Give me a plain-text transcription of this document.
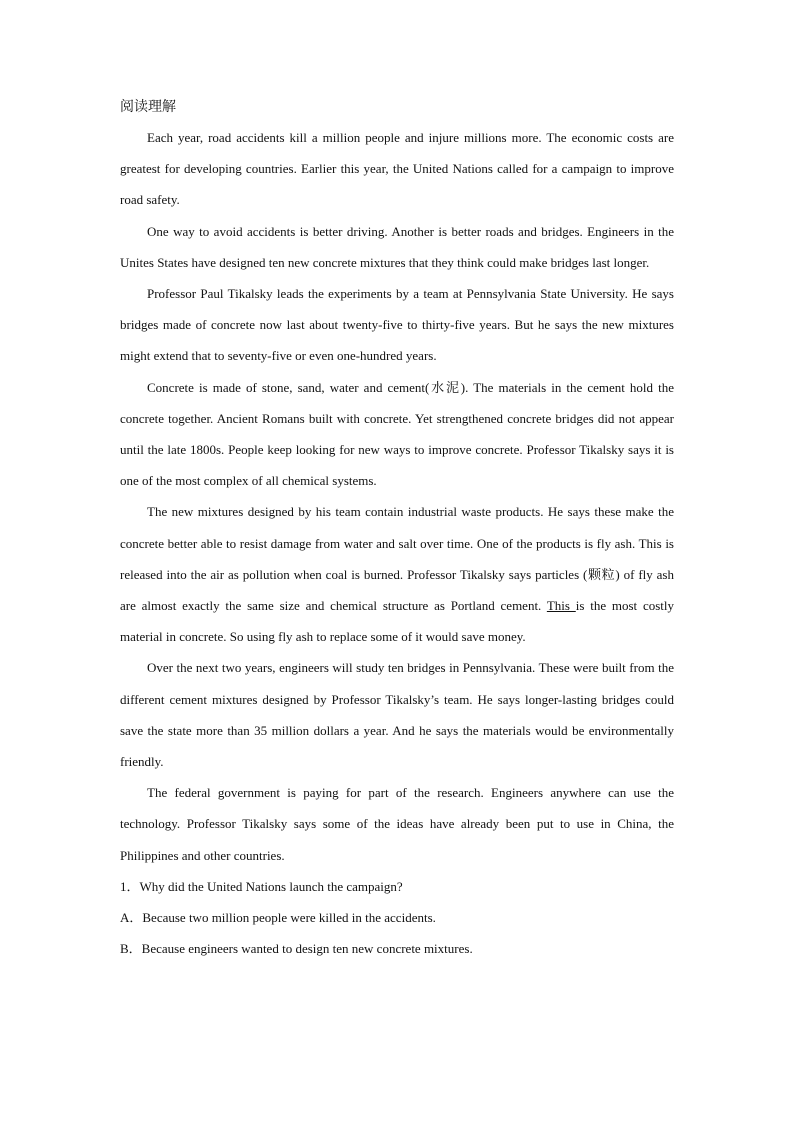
阅读理解

Each year, road accidents kill a million people and injure millions more. The economic costs are greatest for developing countries. Earlier this year, the United Nations called for a campaign to improve road safety.

One way to avoid accidents is better driving. Another is better roads and bridges. Engineers in the Unites States have designed ten new concrete mixtures that they think could make bridges last longer.

Professor Paul Tikalsky leads the experiments by a team at Pennsylvania State University. He says bridges made of concrete now last about twenty-five to thirty-five years. But he says the new mixtures might extend that to seventy-five or even one-hundred years.

Concrete is made of stone, sand, water and cement(水泥). The materials in the cement hold the concrete together. Ancient Romans built with concrete. Yet strengthened concrete bridges did not appear until the late 1800s. People keep looking for new ways to improve concrete. Professor Tikalsky says it is one of the most complex of all chemical systems.

The new mixtures designed by his team contain industrial waste products. He says these make the concrete better able to resist damage from water and salt over time. One of the products is fly ash. This is released into the air as pollution when coal is burned. Professor Tikalsky says particles (颗粒) of fly ash are almost exactly the same size and chemical structure as Portland cement. This is the most costly material in concrete. So using fly ash to replace some of it would save money.

Over the next two years, engineers will study ten bridges in Pennsylvania. These were built from the different cement mixtures designed by Professor Tikalsky’s team. He says longer-lasting bridges could save the state more than 35 million dollars a year. And he says the materials would be environmentally friendly.

The federal government is paying for part of the research. Engineers anywhere can use the technology. Professor Tikalsky says some of the ideas have already been put to use in China, the Philippines and other countries.

1．Why did the United Nations launch the campaign?

A．Because two million people were killed in the accidents.

B．Because engineers wanted to design ten new concrete mixtures.
